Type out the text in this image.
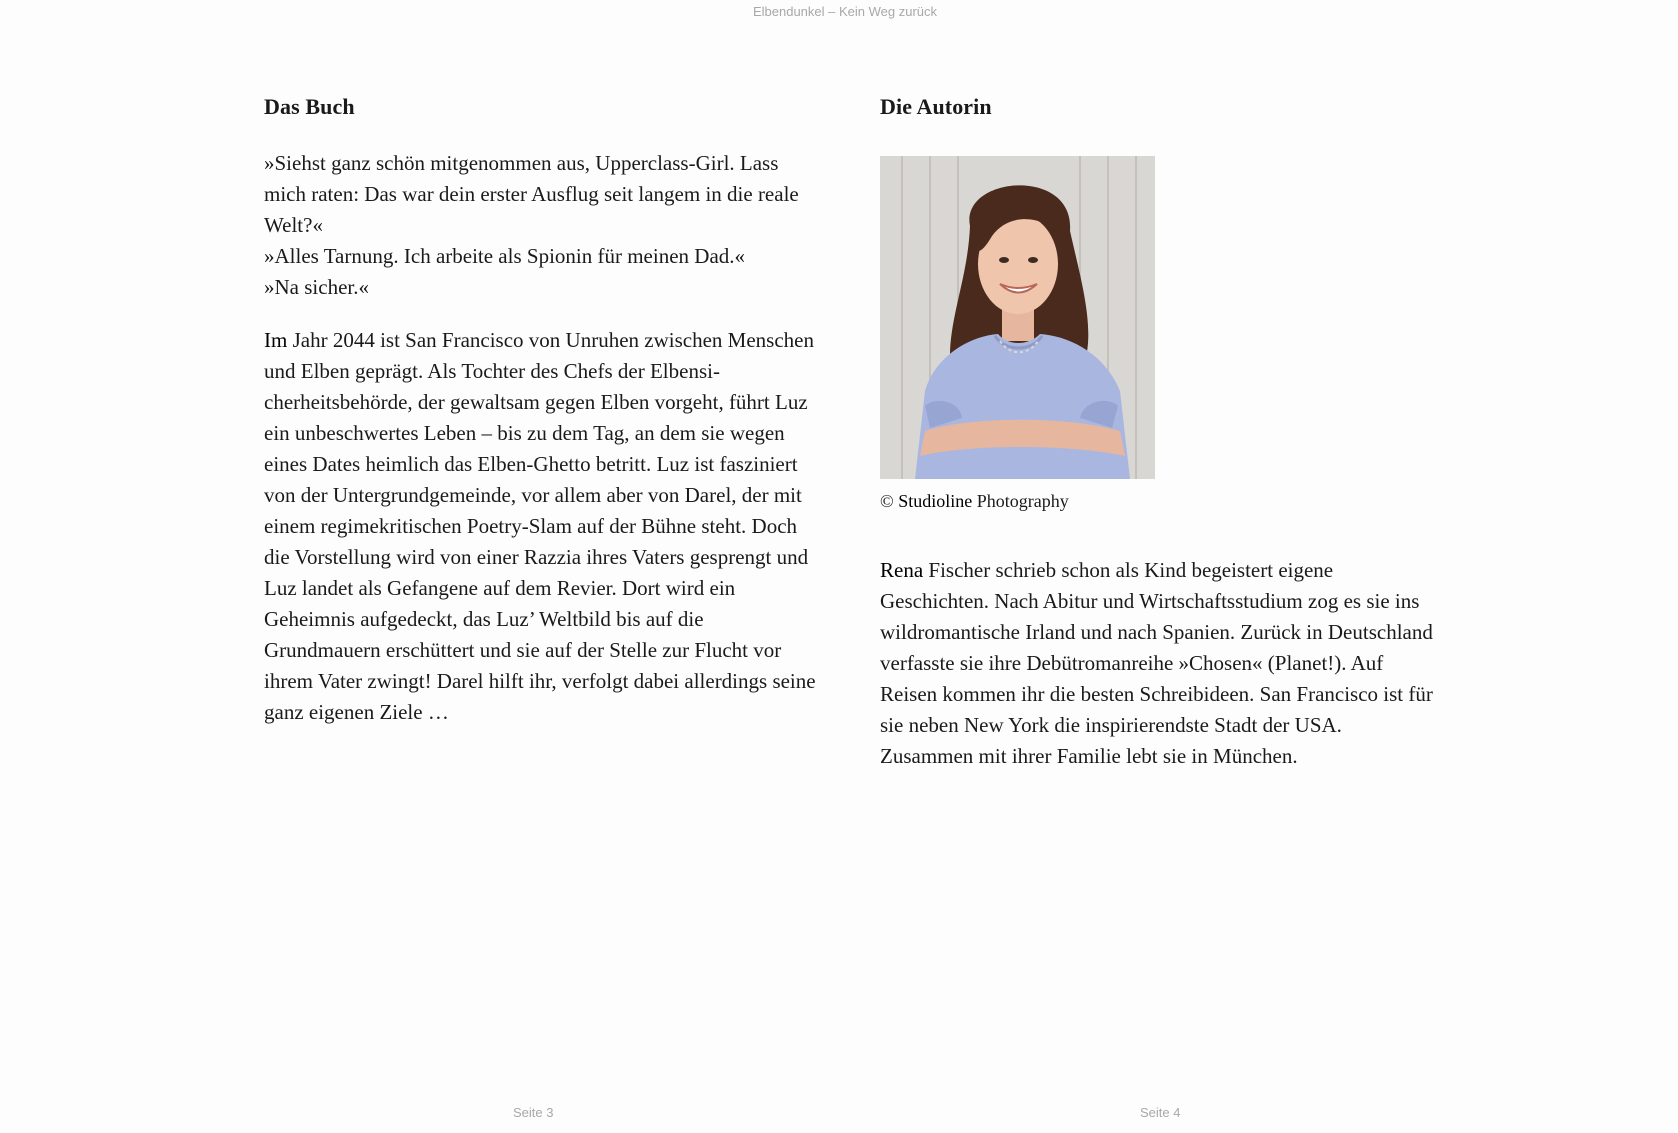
Elbendunkel – Kein Weg zurück
Das Buch

»Siehst ganz schön mitgenommen aus, Upperclass-Girl. Lass mich raten: Das war dein erster Ausflug seit langem in die reale Welt?«

»Alles Tarnung. Ich arbeite als Spionin für meinen Dad.«

»Na sicher.«

Im Jahr 2044 ist San Francisco von Unruhen zwischen Menschen und Elben geprägt. Als Tochter des Chefs der Elbensicherheitsbehörde, der gewaltsam gegen Elben vorgeht, führt Luz ein unbeschwertes Leben – bis zu dem Tag, an dem sie wegen eines Dates heimlich das Elben-Ghetto betritt. Luz ist fasziniert von der Untergrundgemeinde, vor allem aber von Darel, der mit einem regimekritischen Poetry-Slam auf der Bühne steht. Doch die Vorstellung wird von einer Razzia ihres Vaters gesprengt und Luz landet als Gefangene auf dem Revier. Dort wird ein Geheimnis aufgedeckt, das Luz’ Weltbild bis auf die Grundmauern erschüttert und sie auf der Stelle zur Flucht vor ihrem Vater zwingt! Darel hilft ihr, verfolgt dabei allerdings seine ganz eigenen Ziele …

Die Autorin
© Studioline Photography

Rena Fischer schrieb schon als Kind begeistert eigene Geschichten. Nach Abitur und Wirtschaftsstudium zog es sie ins wildromantische Irland und nach Spanien. Zurück in Deutschland verfasste sie ihre Debütromanreihe »Chosen« (Planet!). Auf Reisen kommen ihr die besten Schreibideen. San Francisco ist für sie neben New York die inspirierendste Stadt der USA. Zusammen mit ihrer Familie lebt sie in München.

Seite 3	Seite 4
